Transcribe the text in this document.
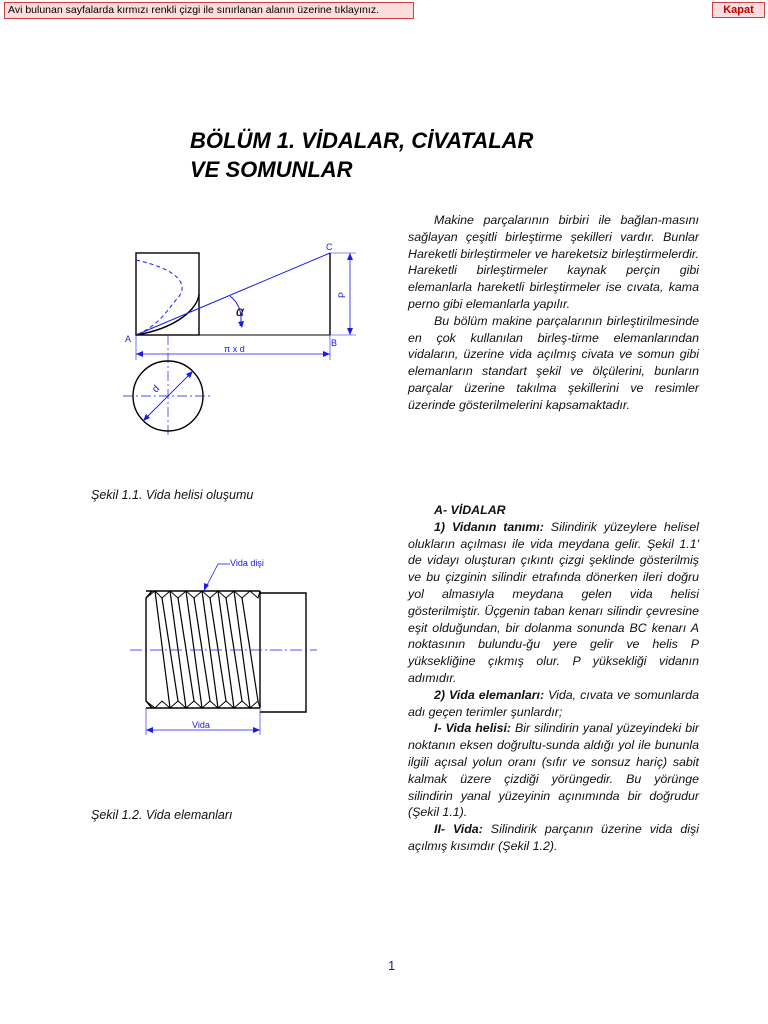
Avi bulunan sayfalarda kırmızı renkli çizgi ile sınırlanan alanın üzerine tıklayınız.	Kapat
BÖLÜM 1. VİDALAR, CİVATALAR
VE SOMUNLAR
A	B
C
P
α
π x d
d
Şekil 1.1. Vida helisi oluşumu
Vida dişi
Vida
Şekil 1.2. Vida elemanları

Makine parçalarının birbiri ile bağlan-masını sağlayan çeşitli birleştirme şekilleri vardır. Bunlar Hareketli birleştirmeler ve hareketsiz birleştirmelerdir. Hareketli birleştirmeler kaynak perçin gibi elemanlarla hareketli birleştirmeler ise cıvata, kama perno gibi elemanlarla yapılır.

Bu bölüm makine parçalarının birleştirilmesinde en çok kullanılan birleş-tirme elemanlarından vidaların, üzerine vida açılmış civata ve somun gibi elemanların standart şekil ve ölçülerini, bunların parçalar üzerine takılma şekillerini ve resimler üzerinde gösterilmelerini kapsamaktadır.

A- VİDALAR

1) Vidanın tanımı: Silindirik yüzeylere helisel olukların açılması ile vida meydana gelir. Şekil 1.1' de vidayı oluşturan çıkıntı çizgi şeklinde gösterilmiş ve bu çizginin silindir etrafında dönerken ileri doğru yol almasıyla meydana gelen vida helisi gösterilmiştir. Üçgenin taban kenarı silindir çevresine eşit olduğundan, bir dolanma sonunda BC kenarı A noktasının bulundu-ğu yere gelir ve helis P yüksekliğine çıkmış olur. P yüksekliği vidanın adımıdır.

2) Vida elemanları: Vida, cıvata ve somunlarda adı geçen terimler şunlardır;

I- Vida helisi: Bir silindirin yanal yüzeyindeki bir noktanın eksen doğrultu-sunda aldığı yol ile bununla ilgili açısal yolun oranı (sıfır ve sonsuz hariç) sabit kalmak üzere çizdiği yörüngedir. Bu yörünge silindirin yanal yüzeyinin açınımında bir doğrudur (Şekil 1.1).

II- Vida: Silindirik parçanın üzerine vida dişi açılmış kısımdır (Şekil 1.2).

1
